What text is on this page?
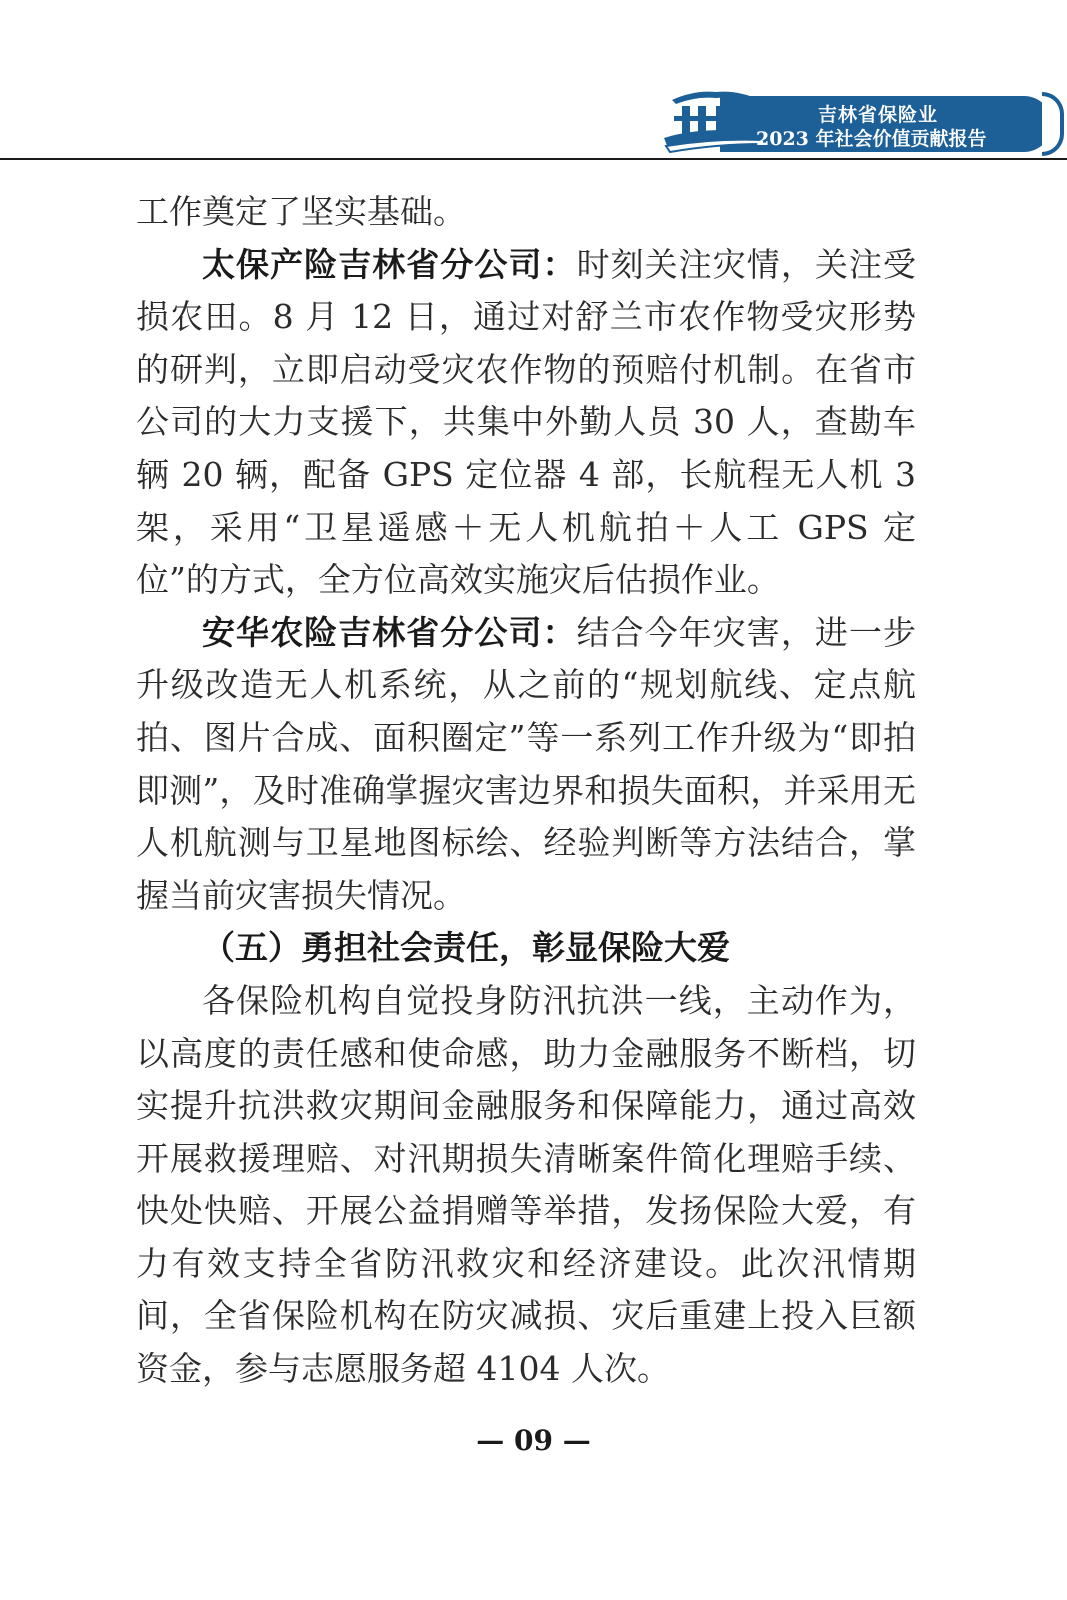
吉林省保险业
2023 年社会价值贡献报告

工作奠定了坚实基础。

太保产险吉林省分公司：时刻关注灾情，关注受损农田。8 月 12 日，通过对舒兰市农作物受灾形势的研判，立即启动受灾农作物的预赔付机制。在省市公司的大力支援下，共集中外勤人员 30 人，查勘车辆 20 辆，配备 GPS 定位器 4 部，长航程无人机 3 架，采用“卫星遥感＋无人机航拍＋人工 GPS 定位”的方式，全方位高效实施灾后估损作业。

安华农险吉林省分公司：结合今年灾害，进一步升级改造无人机系统，从之前的“规划航线、定点航拍、图片合成、面积圈定”等一系列工作升级为“即拍即测”，及时准确掌握灾害边界和损失面积，并采用无人机航测与卫星地图标绘、经验判断等方法结合，掌握当前灾害损失情况。

（五）勇担社会责任，彰显保险大爱

各保险机构自觉投身防汛抗洪一线，主动作为，以高度的责任感和使命感，助力金融服务不断档，切实提升抗洪救灾期间金融服务和保障能力，通过高效开展救援理赔、对汛期损失清晰案件简化理赔手续、快处快赔、开展公益捐赠等举措，发扬保险大爱，有力有效支持全省防汛救灾和经济建设。此次汛情期间，全省保险机构在防灾减损、灾后重建上投入巨额资金，参与志愿服务超 4104 人次。

— 09 —
